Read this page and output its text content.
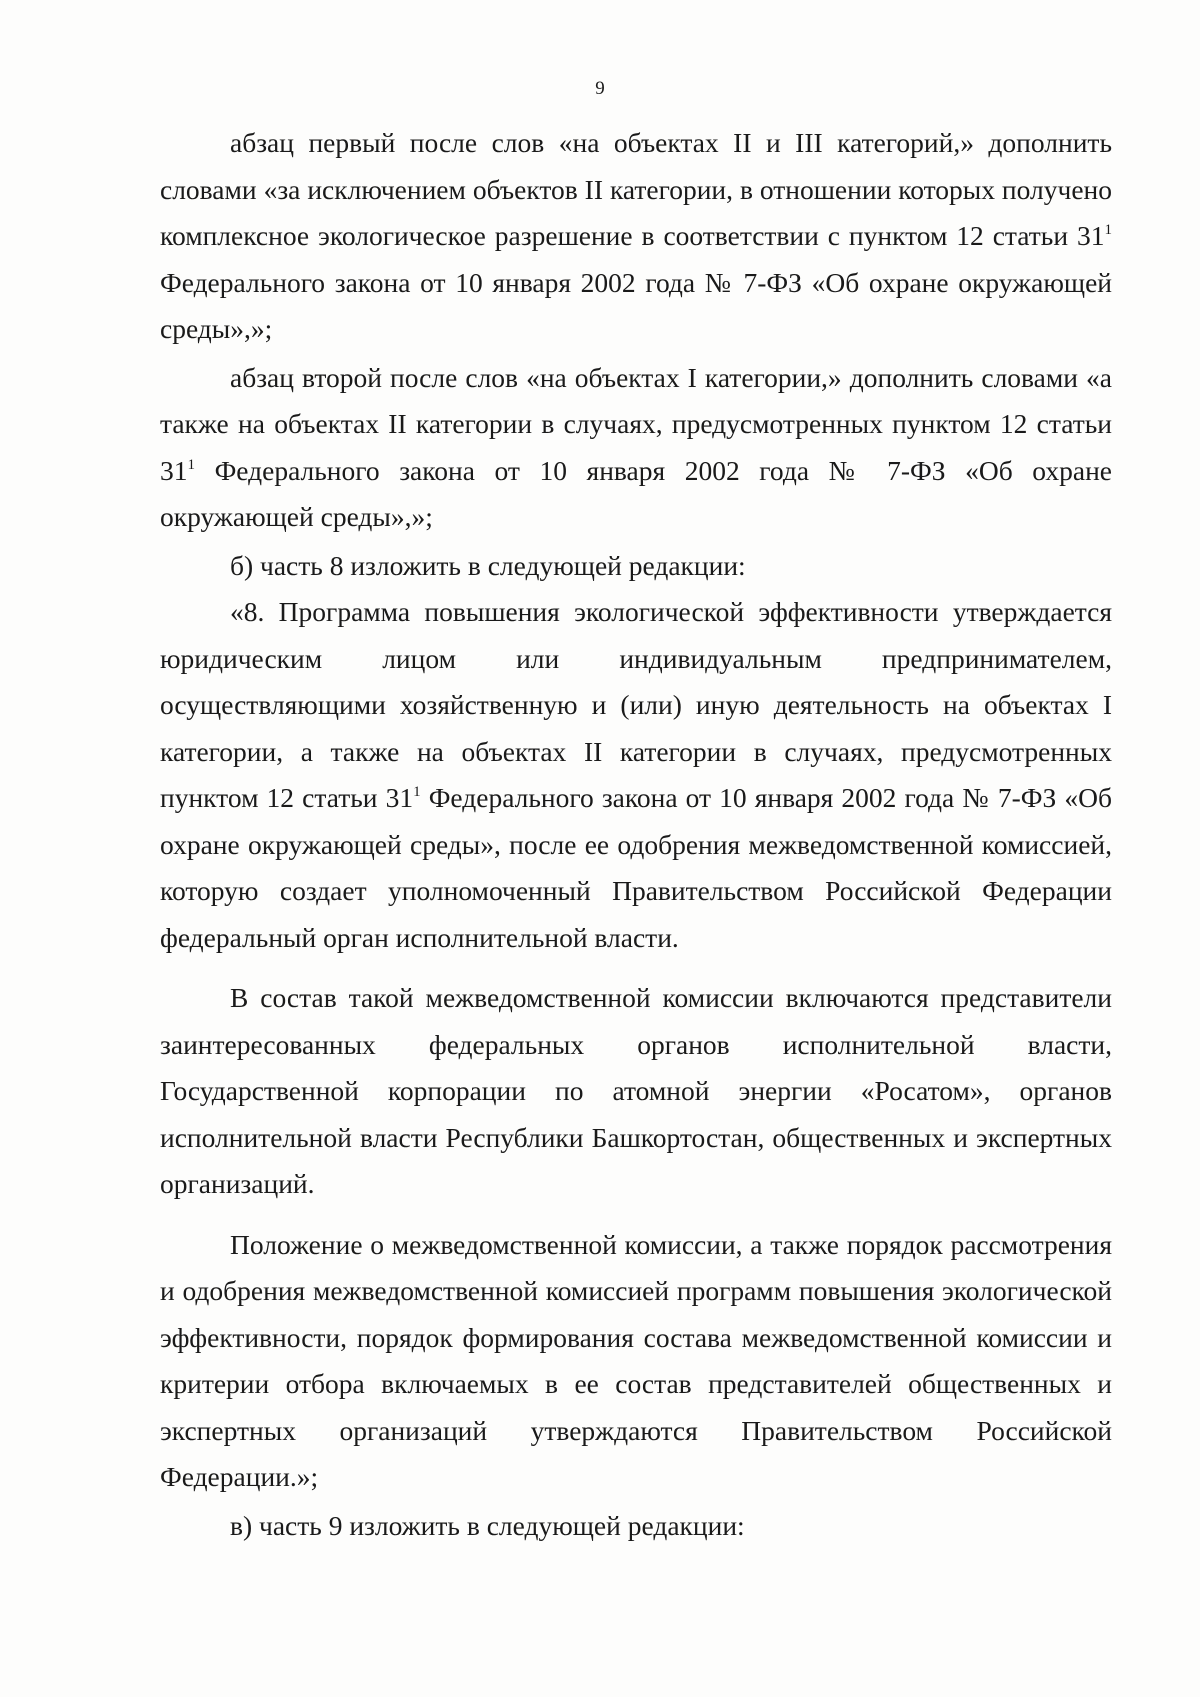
9

абзац первый после слов «на объектах II и III категорий,» дополнить словами «за исключением объектов II категории, в отношении которых получено комплексное экологическое разрешение в соответствии с пунктом 12 статьи $31^1$ Федерального закона от 10 января 2002 года № 7-ФЗ «Об охране окружающей среды»,»;

абзац второй после слов «на объектах I категории,» дополнить словами «а также на объектах II категории в случаях, предусмотренных пунктом 12 статьи $31^1$ Федерального закона от 10 января 2002 года № 7-ФЗ «Об охране окружающей среды»,»;

б) часть 8 изложить в следующей редакции:

«8. Программа повышения экологической эффективности утверждается юридическим лицом или индивидуальным предпринимателем, осуществляющими хозяйственную и (или) иную деятельность на объектах I категории, а также на объектах II категории в случаях, предусмотренных пунктом 12 статьи $31^1$ Федерального закона от 10 января 2002 года № 7-ФЗ «Об охране окружающей среды», после ее одобрения межведомственной комиссией, которую создает уполномоченный Правительством Российской Федерации федеральный орган исполнительной власти.

В состав такой межведомственной комиссии включаются представители заинтересованных федеральных органов исполнительной власти, Государственной корпорации по атомной энергии «Росатом», органов исполнительной власти Республики Башкортостан, общественных и экспертных организаций.

Положение о межведомственной комиссии, а также порядок рассмотрения и одобрения межведомственной комиссией программ повышения экологической эффективности, порядок формирования состава межведомственной комиссии и критерии отбора включаемых в ее состав представителей общественных и экспертных организаций утверждаются Правительством Российской Федерации.»;

в) часть 9 изложить в следующей редакции:
